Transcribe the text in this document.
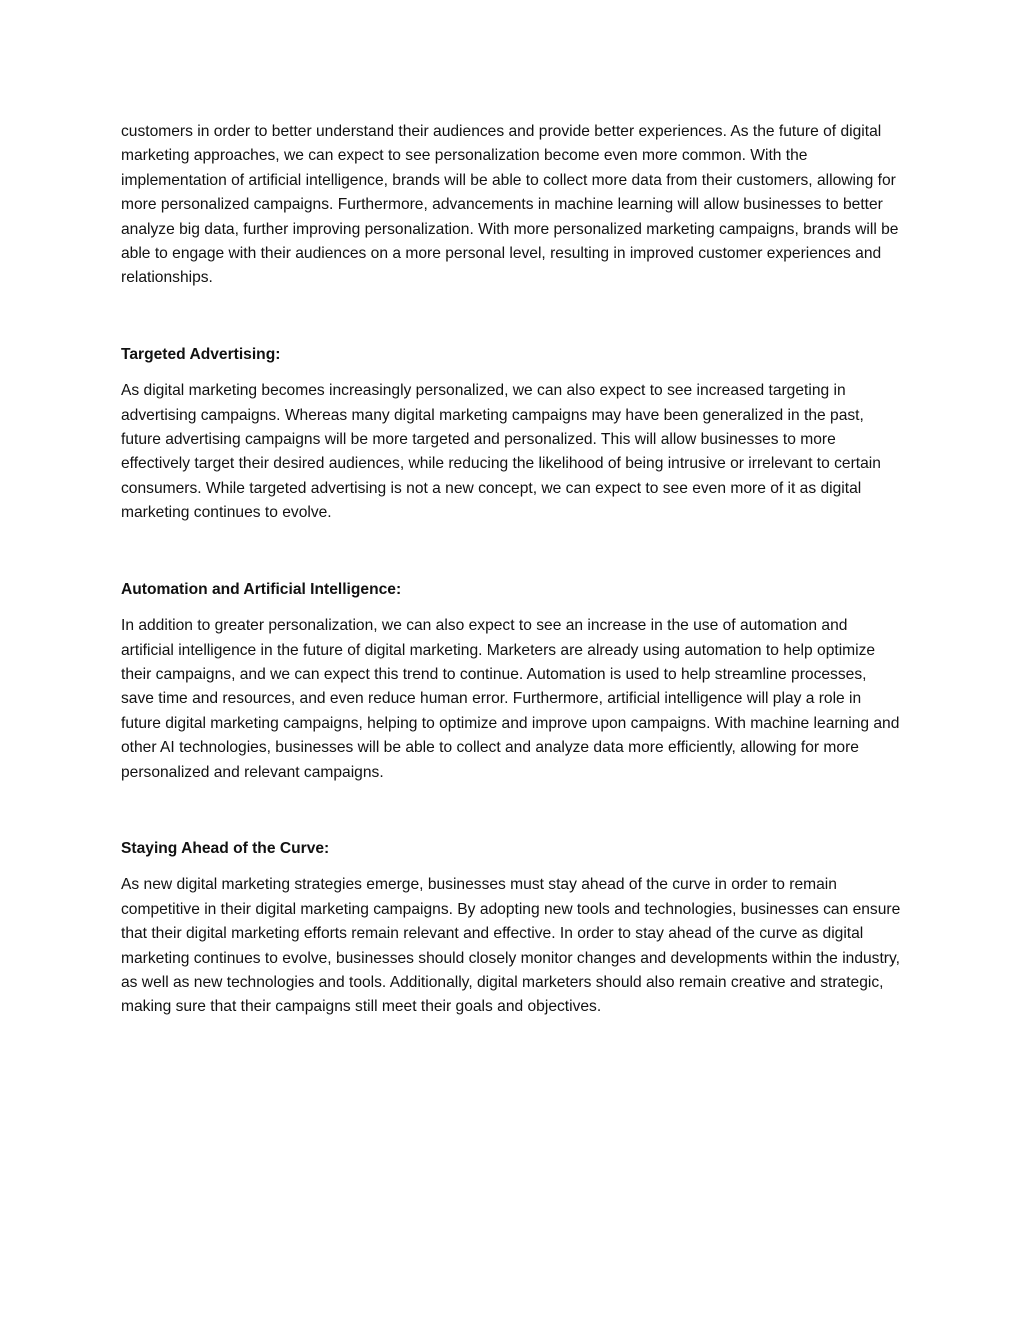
customers in order to better understand their audiences and provide better experiences. As the future of digital marketing approaches, we can expect to see personalization become even more common. With the implementation of artificial intelligence, brands will be able to collect more data from their customers, allowing for more personalized campaigns. Furthermore, advancements in machine learning will allow businesses to better analyze big data, further improving personalization. With more personalized marketing campaigns, brands will be able to engage with their audiences on a more personal level, resulting in improved customer experiences and relationships.

Targeted Advertising:

As digital marketing becomes increasingly personalized, we can also expect to see increased targeting in advertising campaigns. Whereas many digital marketing campaigns may have been generalized in the past, future advertising campaigns will be more targeted and personalized. This will allow businesses to more effectively target their desired audiences, while reducing the likelihood of being intrusive or irrelevant to certain consumers. While targeted advertising is not a new concept, we can expect to see even more of it as digital marketing continues to evolve.

Automation and Artificial Intelligence:

In addition to greater personalization, we can also expect to see an increase in the use of automation and artificial intelligence in the future of digital marketing. Marketers are already using automation to help optimize their campaigns, and we can expect this trend to continue. Automation is used to help streamline processes, save time and resources, and even reduce human error. Furthermore, artificial intelligence will play a role in future digital marketing campaigns, helping to optimize and improve upon campaigns. With machine learning and other AI technologies, businesses will be able to collect and analyze data more efficiently, allowing for more personalized and relevant campaigns.

Staying Ahead of the Curve:

As new digital marketing strategies emerge, businesses must stay ahead of the curve in order to remain competitive in their digital marketing campaigns. By adopting new tools and technologies, businesses can ensure that their digital marketing efforts remain relevant and effective. In order to stay ahead of the curve as digital marketing continues to evolve, businesses should closely monitor changes and developments within the industry, as well as new technologies and tools. Additionally, digital marketers should also remain creative and strategic, making sure that their campaigns still meet their goals and objectives.
